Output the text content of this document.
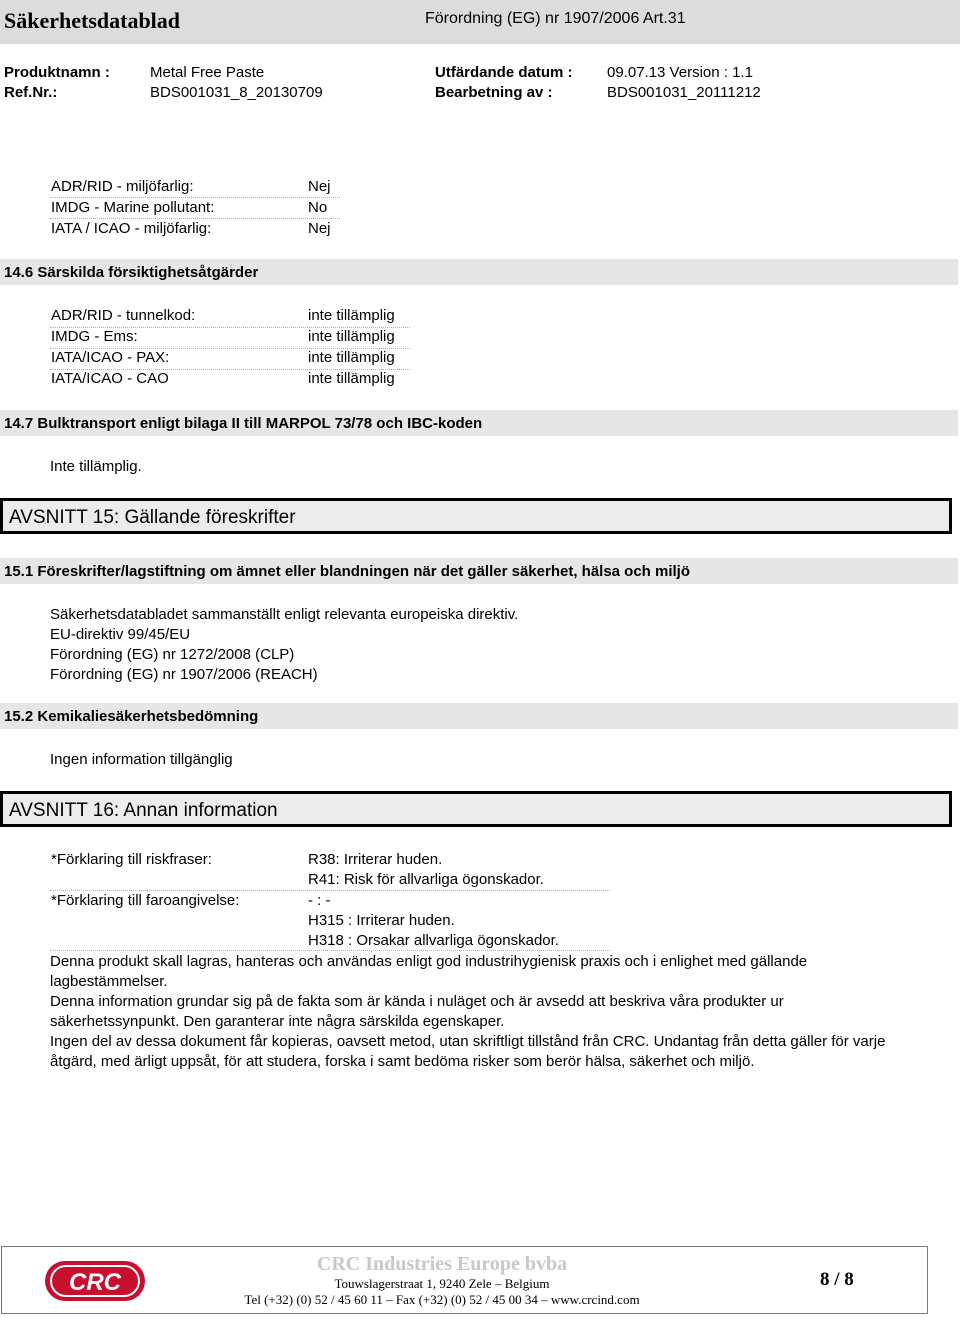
Säkerhetsdatablad	Förordning (EG) nr 1907/2006 Art.31
Produktnamn :	Metal Free Paste	Utfärdande datum : 09.07.13 Version : 1.1
Ref.Nr.:	BDS001031_8_20130709	Bearbetning av :	BDS001031_20111212
ADR/RID - miljöfarlig:	Nej
IMDG - Marine pollutant:	No
IATA / ICAO - miljöfarlig:	Nej
14.6 Särskilda försiktighetsåtgärder
ADR/RID - tunnelkod:	inte tillämplig
IMDG - Ems:	inte tillämplig
IATA/ICAO - PAX:	inte tillämplig
IATA/ICAO - CAO	inte tillämplig
14.7 Bulktransport enligt bilaga II till MARPOL 73/78 och IBC-koden
Inte tillämplig.
AVSNITT 15: Gällande föreskrifter
15.1 Föreskrifter/lagstiftning om ämnet eller blandningen när det gäller säkerhet, hälsa och miljö

Säkerhetsdatabladet sammanställt enligt relevanta europeiska direktiv.

EU-direktiv 99/45/EU

Förordning (EG) nr 1272/2008 (CLP)

Förordning (EG) nr 1907/2006 (REACH)

15.2 Kemikaliesäkerhetsbedömning
Ingen information tillgänglig
AVSNITT 16: Annan information
*Förklaring till riskfraser:	R38: Irriterar huden.
R41: Risk för allvarliga ögonskador.
*Förklaring till faroangivelse:	- : -
H315 : Irriterar huden.
H318 : Orsakar allvarliga ögonskador.

Denna produkt skall lagras, hanteras och användas enligt god industrihygienisk praxis och i enlighet med gällande lagbestämmelser.

Denna information grundar sig på de fakta som är kända i nuläget och är avsedd att beskriva våra produkter ur säkerhetssynpunkt. Den garanterar inte några särskilda egenskaper.

Ingen del av dessa dokument får kopieras, oavsett metod, utan skriftligt tillstånd från CRC. Undantag från detta gäller för varje åtgärd, med ärligt uppsåt, för att studera, forska i samt bedöma risker som berör hälsa, säkerhet och miljö.

CRC
CRC Industries Europe bvba
Touwslagerstraat 1, 9240 Zele – Belgium
Tel (+32) (0) 52 / 45 60 11 – Fax (+32) (0) 52 / 45 00 34 – www.crcind.com
8 / 8
